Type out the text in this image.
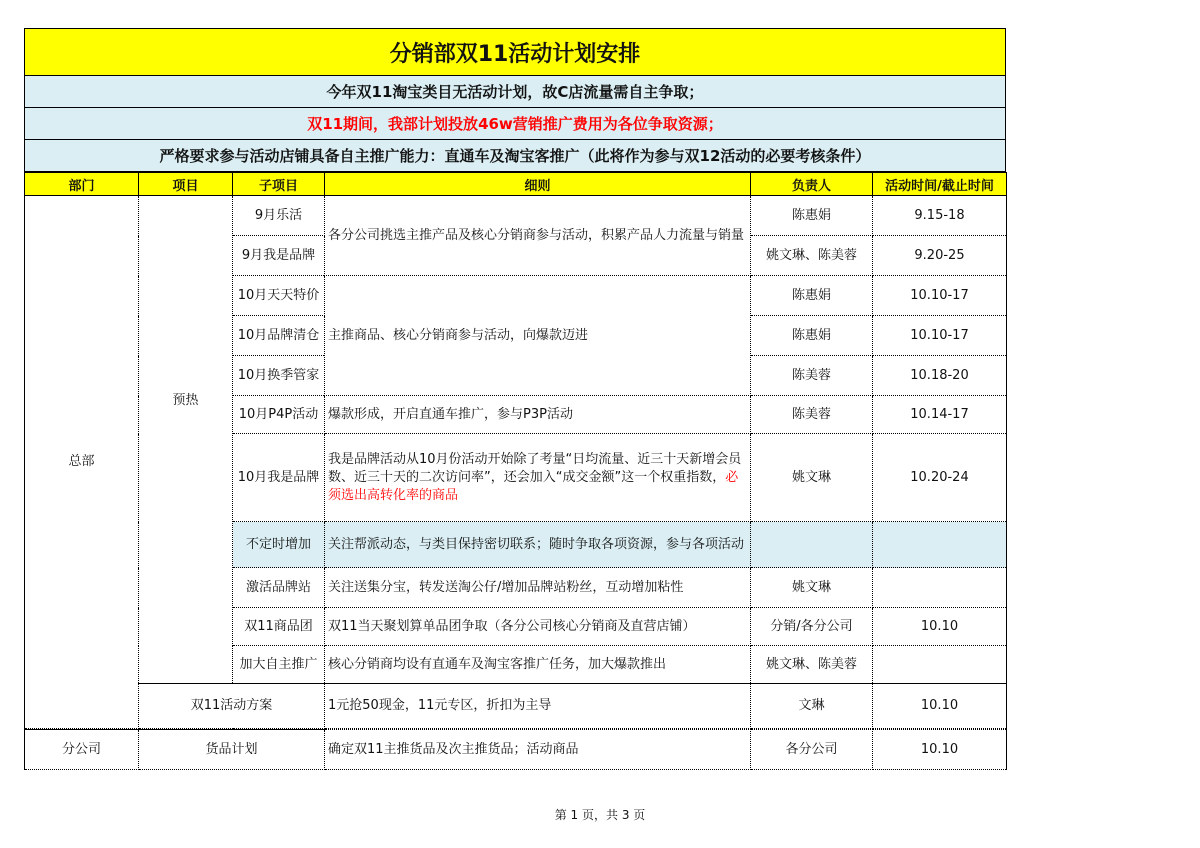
分销部双11活动计划安排
今年双11淘宝类目无活动计划，故C店流量需自主争取；
双11期间，我部计划投放46w营销推广费用为各位争取资源；
严格要求参与活动店铺具备自主推广能力：直通车及淘宝客推广（此将作为参与双12活动的必要考核条件）
部门	项目	子项目	细则	负责人	活动时间/截止时间
总部	预热	9月乐活	各分公司挑选主推产品及核心分销商参与活动，积累产品人力流量与销量	陈惠娟	9.15-18
		9月我是品牌		姚文琳、陈美蓉	9.20-25
		10月天天特价	主推商品、核心分销商参与活动，向爆款迈进	陈惠娟	10.10-17
		10月品牌清仓		陈惠娟	10.10-17
		10月换季管家		陈美蓉	10.18-20
		10月P4P活动	爆款形成，开启直通车推广，参与P3P活动	陈美蓉	10.14-17
		10月我是品牌	我是品牌活动从10月份活动开始除了考量“日均流量、近三十天新增会员数、近三十天的二次访问率”，还会加入“成交金额”这一个权重指数，必须选出高转化率的商品	姚文琳	10.20-24
		不定时增加	关注帮派动态，与类目保持密切联系；随时争取各项资源，参与各项活动		
		激活品牌站	关注送集分宝，转发送淘公仔/增加品牌站粉丝，互动增加粘性	姚文琳	
		双11商品团	双11当天聚划算单品团争取（各分公司核心分销商及直营店铺）	分销/各分公司	10.10
		加大自主推广	核心分销商均设有直通车及淘宝客推广任务，加大爆款推出	姚文琳、陈美蓉	
	双11活动方案		1元抢50现金，11元专区，折扣为主导	文琳	10.10
分公司	货品计划	确定双11主推货品及次主推货品；活动商品	各分公司	10.10
第 1 页，共 3 页
